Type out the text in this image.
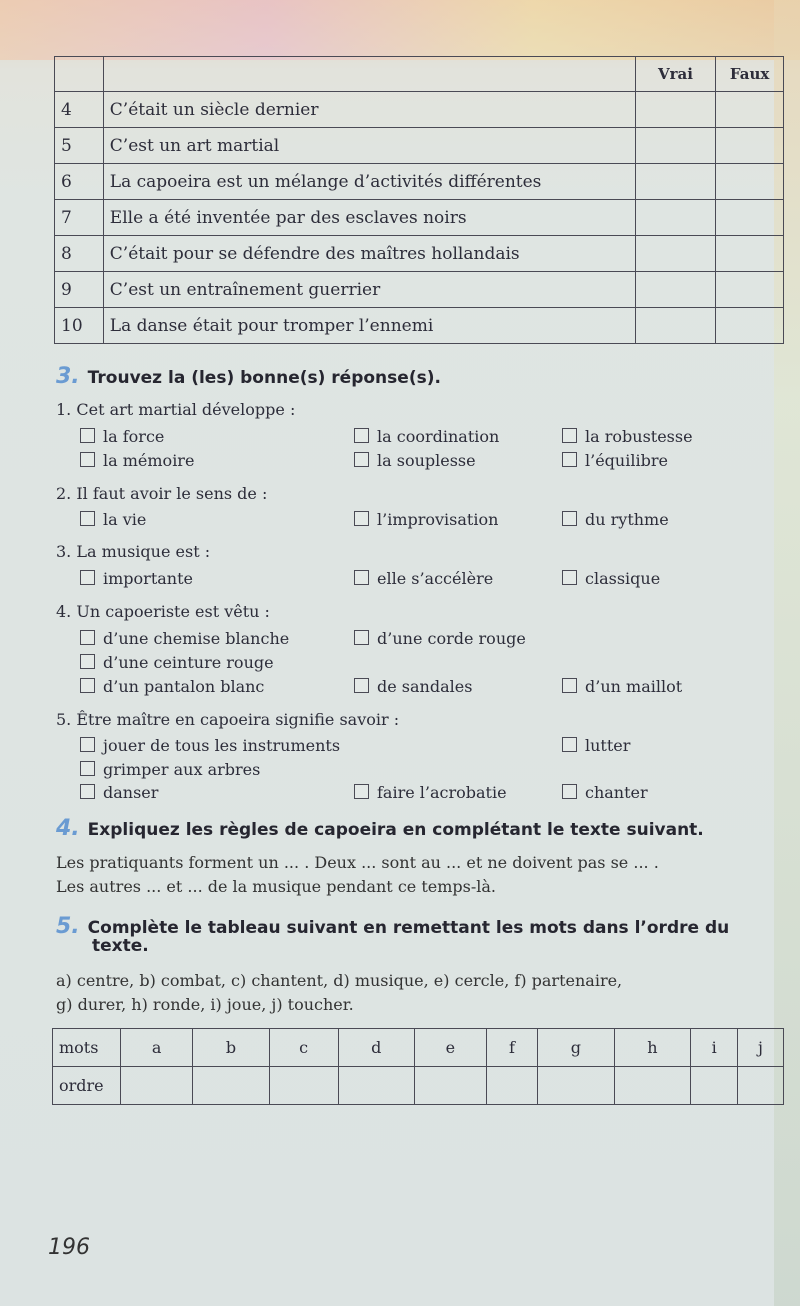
		Vrai	Faux
4	C’était un siècle dernier		
5	C’est un art martial		
6	La capoeira est un mélange d’activités différentes		
7	Elle a été inventée par des esclaves noirs		
8	C’était pour se défendre des maîtres hollandais		
9	C’est un entraînement guerrier		
10	La danse était pour tromper l’ennemi		
3. Trouvez la (les) bonne(s) réponse(s).
1. Cet art martial développe :
la force	la coordination	la robustesse
la mémoire	la souplesse	l’équilibre
2. Il faut avoir le sens de :
la vie	l’improvisation	du rythme
3. La musique est :
importante	elle s’accélère	classique
4. Un capoeriste est vêtu :
d’une chemise blanche	d’une corde rouge
d’une ceinture rouge
d’un pantalon blanc	de sandales	d’un maillot
5. Être maître en capoeira signifie savoir :
jouer de tous les instruments	lutter
grimper aux arbres
danser	faire l’acrobatie	chanter
4. Expliquez les règles de capoeira en complétant le texte suivant.
Les pratiquants forment un ... . Deux ... sont au ... et ne doivent pas se ... .
Les autres ... et ... de la musique pendant ce temps-là.
5. Complète le tableau suivant en remettant les mots dans l’ordre du
texte.
a) centre, b) combat, c) chantent, d) musique, e) cercle, f) partenaire,
g) durer, h) ronde, i) joue, j) toucher.
mots	a	b	c	d	e	f	g	h	i	j
ordre										
196
